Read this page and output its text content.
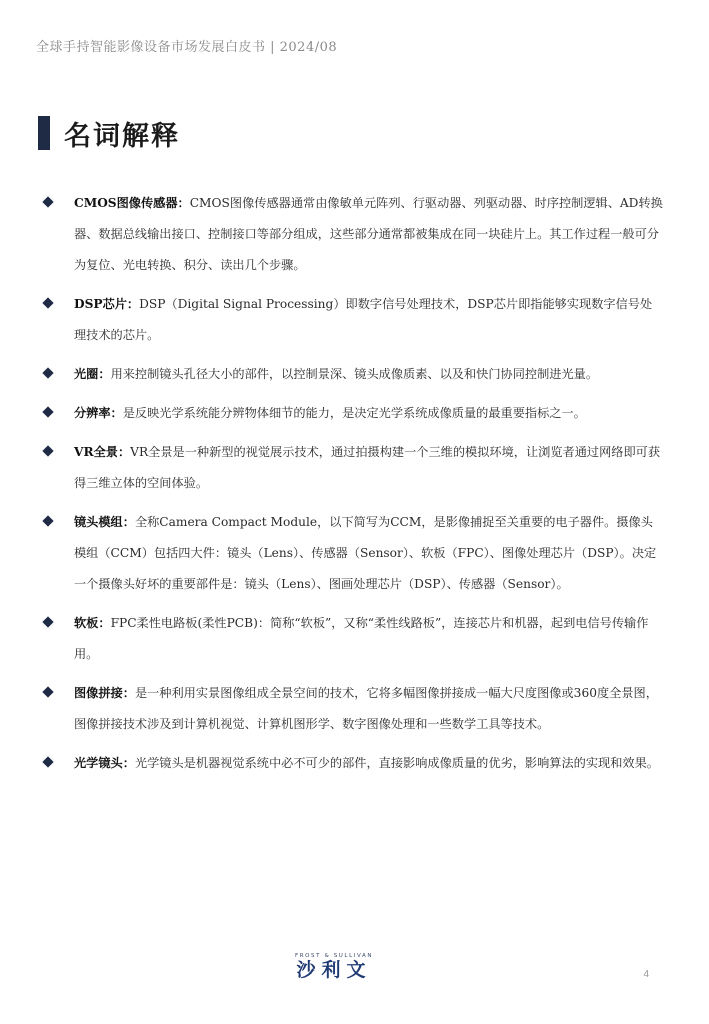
全球手持智能影像设备市场发展白皮书 | 2024/08
名词解释
CMOS图像传感器：CMOS图像传感器通常由像敏单元阵列、行驱动器、列驱动器、时序控制逻辑、AD转换器、数据总线输出接口、控制接口等部分组成，这些部分通常都被集成在同一块硅片上。其工作过程一般可分为复位、光电转换、积分、读出几个步骤。
DSP芯片：DSP（Digital Signal Processing）即数字信号处理技术，DSP芯片即指能够实现数字信号处理技术的芯片。
光圈：用来控制镜头孔径大小的部件，以控制景深、镜头成像质素、以及和快门协同控制进光量。
分辨率：是反映光学系统能分辨物体细节的能力，是决定光学系统成像质量的最重要指标之一。
VR全景：VR全景是一种新型的视觉展示技术，通过拍摄构建一个三维的模拟环境，让浏览者通过网络即可获得三维立体的空间体验。
镜头模组：全称Camera Compact Module，以下简写为CCM，是影像捕捉至关重要的电子器件。摄像头模组（CCM）包括四大件：镜头（Lens）、传感器（Sensor）、软板（FPC）、图像处理芯片（DSP）。决定一个摄像头好坏的重要部件是：镜头（Lens）、图画处理芯片（DSP）、传感器（Sensor）。
软板：FPC柔性电路板(柔性PCB)：简称“软板”，又称“柔性线路板”，连接芯片和机器，起到电信号传输作用。
图像拼接：是一种利用实景图像组成全景空间的技术，它将多幅图像拼接成一幅大尺度图像或360度全景图，图像拼接技术涉及到计算机视觉、计算机图形学、数字图像处理和一些数学工具等技术。
光学镜头：光学镜头是机器视觉系统中必不可少的部件，直接影响成像质量的优劣，影响算法的实现和效果。
FROST & SULLIVAN
沙利文	4
